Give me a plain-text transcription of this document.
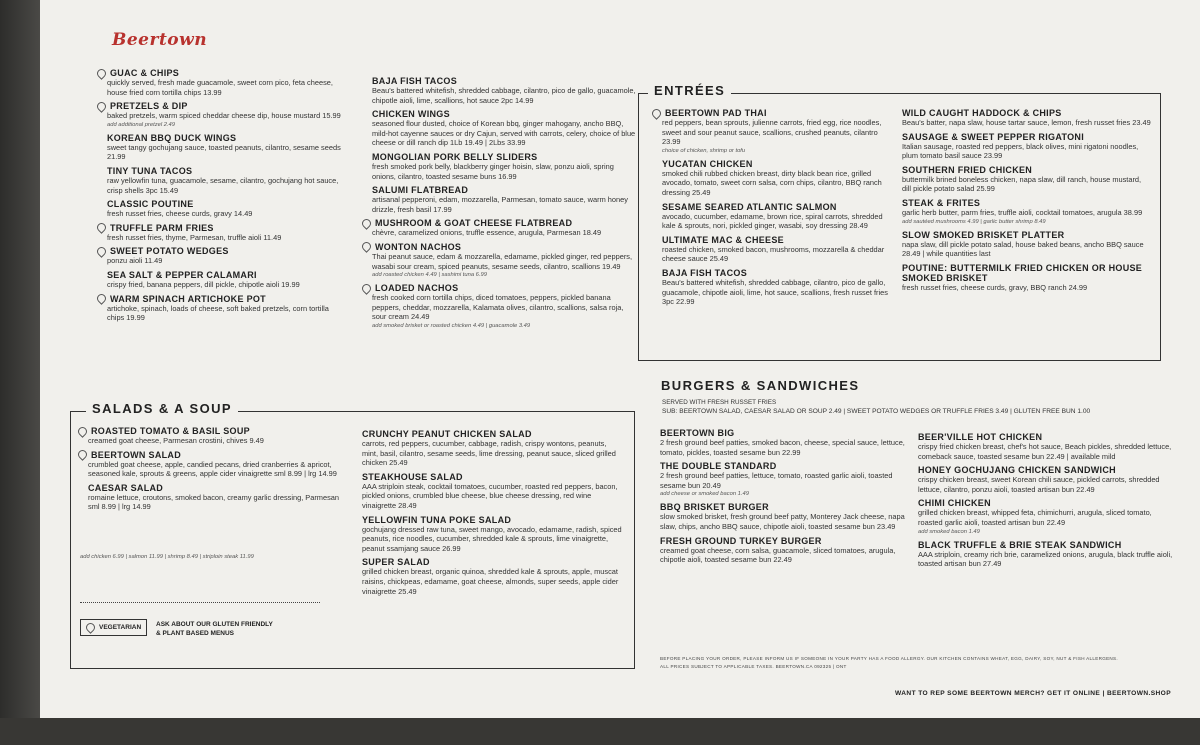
Beertown
GUAC & CHIPS
quickly served, fresh made guacamole, sweet corn pico, feta cheese, house fried corn tortilla chips 13.99
PRETZELS & DIP
baked pretzels, warm spiced cheddar cheese dip, house mustard 15.99
add additional pretzel 2.49
KOREAN BBQ DUCK WINGS
sweet tangy gochujang sauce, toasted peanuts, cilantro, sesame seeds 21.99
TINY TUNA TACOS
raw yellowfin tuna, guacamole, sesame, cilantro, gochujang hot sauce, crisp shells 3pc 15.49
CLASSIC POUTINE
fresh russet fries, cheese curds, gravy 14.49
TRUFFLE PARM FRIES
fresh russet fries, thyme, Parmesan, truffle aioli 11.49
SWEET POTATO WEDGES
ponzu aioli 11.49
SEA SALT & PEPPER CALAMARI
crispy fried, banana peppers, dill pickle, chipotle aioli 19.99
WARM SPINACH ARTICHOKE POT
artichoke, spinach, loads of cheese, soft baked pretzels, corn tortilla chips 19.99
BAJA FISH TACOS
Beau's battered whitefish, shredded cabbage, cilantro, pico de gallo, guacamole, chipotle aioli, lime, scallions, hot sauce 2pc 14.99
CHICKEN WINGS
seasoned flour dusted, choice of Korean bbq, ginger mahogany, ancho BBQ, mild-hot cayenne sauces or dry Cajun, served with carrots, celery, choice of blue cheese or dill ranch dip 1Lb 19.49 | 2Lbs 33.99
MONGOLIAN PORK BELLY SLIDERS
fresh smoked pork belly, blackberry ginger hoisin, slaw, ponzu aioli, spring onions, cilantro, toasted sesame buns 16.99
SALUMI FLATBREAD
artisanal pepperoni, edam, mozzarella, Parmesan, tomato sauce, warm honey drizzle, fresh basil 17.99
MUSHROOM & GOAT CHEESE FLATBREAD
chèvre, caramelized onions, truffle essence, arugula, Parmesan 18.49
WONTON NACHOS
Thai peanut sauce, edam & mozzarella, edamame, pickled ginger, red peppers, wasabi sour cream, spiced peanuts, sesame seeds, cilantro, scallions 19.49
add roasted chicken 4.49 | sashimi tuna 6.99
LOADED NACHOS
fresh cooked corn tortilla chips, diced tomatoes, peppers, pickled banana peppers, cheddar, mozzarella, Kalamata olives, cilantro, scallions, salsa roja, sour cream 24.49
add smoked brisket or roasted chicken 4.49 | guacamole 3.49
ENTRÉES
BEERTOWN PAD THAI
red peppers, bean sprouts, julienne carrots, fried egg, rice noodles, sweet and sour peanut sauce, scallions, crushed peanuts, cilantro 23.99
choice of chicken, shrimp or tofu
YUCATAN CHICKEN
smoked chili rubbed chicken breast, dirty black bean rice, grilled avocado, tomato, sweet corn salsa, corn chips, cilantro, BBQ ranch dressing 25.49
SESAME SEARED ATLANTIC SALMON
avocado, cucumber, edamame, brown rice, spiral carrots, shredded kale & sprouts, nori, pickled ginger, wasabi, soy dressing 28.49
ULTIMATE MAC & CHEESE
roasted chicken, smoked bacon, mushrooms, mozzarella & cheddar cheese sauce 25.49
BAJA FISH TACOS
Beau's battered whitefish, shredded cabbage, cilantro, pico de gallo, guacamole, chipotle aioli, lime, hot sauce, scallions, fresh russet fries 3pc 22.99
WILD CAUGHT HADDOCK & CHIPS
Beau's batter, napa slaw, house tartar sauce, lemon, fresh russet fries 23.49
SAUSAGE & SWEET PEPPER RIGATONI
Italian sausage, roasted red peppers, black olives, mini rigatoni noodles, plum tomato basil sauce 23.99
SOUTHERN FRIED CHICKEN
buttermilk brined boneless chicken, napa slaw, dill ranch, house mustard, dill pickle potato salad 25.99
STEAK & FRITES
garlic herb butter, parm fries, truffle aioli, cocktail tomatoes, arugula 38.99
add sautéed mushrooms 4.99 | garlic butter shrimp 8.49
SLOW SMOKED BRISKET PLATTER
napa slaw, dill pickle potato salad, house baked beans, ancho BBQ sauce 28.49 | while quantities last
POUTINE: BUTTERMILK FRIED CHICKEN OR HOUSE SMOKED BRISKET
fresh russet fries, cheese curds, gravy, BBQ ranch 24.99
SALADS & A SOUP
ROASTED TOMATO & BASIL SOUP
creamed goat cheese, Parmesan crostini, chives 9.49
BEERTOWN SALAD
crumbled goat cheese, apple, candied pecans, dried cranberries & apricot, seasoned kale, sprouts & greens, apple cider vinaigrette sml 8.99 | lrg 14.99
CAESAR SALAD
romaine lettuce, croutons, smoked bacon, creamy garlic dressing, Parmesan sml 8.99 | lrg 14.99
add chicken 6.99 | salmon 11.99 | shrimp 8.49 | striploin steak 11.99
CRUNCHY PEANUT CHICKEN SALAD
carrots, red peppers, cucumber, cabbage, radish, crispy wontons, peanuts, mint, basil, cilantro, sesame seeds, lime dressing, peanut sauce, sliced grilled chicken 25.49
STEAKHOUSE SALAD
AAA striploin steak, cocktail tomatoes, cucumber, roasted red peppers, bacon, pickled onions, crumbled blue cheese, blue cheese dressing, red wine vinaigrette 28.49
YELLOWFIN TUNA POKE SALAD
gochujang dressed raw tuna, sweet mango, avocado, edamame, radish, spiced peanuts, rice noodles, cucumber, shredded kale & sprouts, lime vinaigrette, peanut ssamjang sauce 26.99
SUPER SALAD
grilled chicken breast, organic quinoa, shredded kale & sprouts, apple, muscat raisins, chickpeas, edamame, goat cheese, almonds, super seeds, apple cider vinaigrette 25.49
VEGETARIAN ASK ABOUT OUR GLUTEN FRIENDLY
& PLANT BASED MENUS
BURGERS & SANDWICHES
SERVED WITH FRESH RUSSET FRIES
SUB: BEERTOWN SALAD, CAESAR SALAD OR SOUP 2.49 | SWEET POTATO WEDGES OR TRUFFLE FRIES 3.49 | GLUTEN FREE BUN 1.00
BEERTOWN BIG
2 fresh ground beef patties, smoked bacon, cheese, special sauce, lettuce, tomato, pickles, toasted sesame bun 22.99
THE DOUBLE STANDARD
2 fresh ground beef patties, lettuce, tomato, roasted garlic aioli, toasted sesame bun 20.49
add cheese or smoked bacon 1.49
BBQ BRISKET BURGER
slow smoked brisket, fresh ground beef patty, Monterey Jack cheese, napa slaw, chips, ancho BBQ sauce, chipotle aioli, toasted sesame bun 23.49
FRESH GROUND TURKEY BURGER
creamed goat cheese, corn salsa, guacamole, sliced tomatoes, arugula, chipotle aioli, toasted sesame bun 22.49
BEER'VILLE HOT CHICKEN
crispy fried chicken breast, chef's hot sauce, Beach pickles, shredded lettuce, comeback sauce, toasted sesame bun 22.49 | available mild
HONEY GOCHUJANG CHICKEN SANDWICH
crispy chicken breast, sweet Korean chili sauce, pickled carrots, shredded lettuce, cilantro, ponzu aioli, toasted artisan bun 22.49
CHIMI CHICKEN
grilled chicken breast, whipped feta, chimichurri, arugula, sliced tomato, roasted garlic aioli, toasted artisan bun 22.49
add smoked bacon 1.49
BLACK TRUFFLE & BRIE STEAK SANDWICH
AAA striploin, creamy rich brie, caramelized onions, arugula, black truffle aioli, toasted artisan bun 27.49
BEFORE PLACING YOUR ORDER, PLEASE INFORM US IF SOMEONE IN YOUR PARTY HAS A FOOD ALLERGY. OUR KITCHEN CONTAINS WHEAT, EGG, DAIRY, SOY, NUT & FISH ALLERGENS.
ALL PRICES SUBJECT TO APPLICABLE TAXES. BEERTOWN.CA 092325 | ONT
WANT TO REP SOME BEERTOWN MERCH? GET IT ONLINE | BEERTOWN.SHOP
